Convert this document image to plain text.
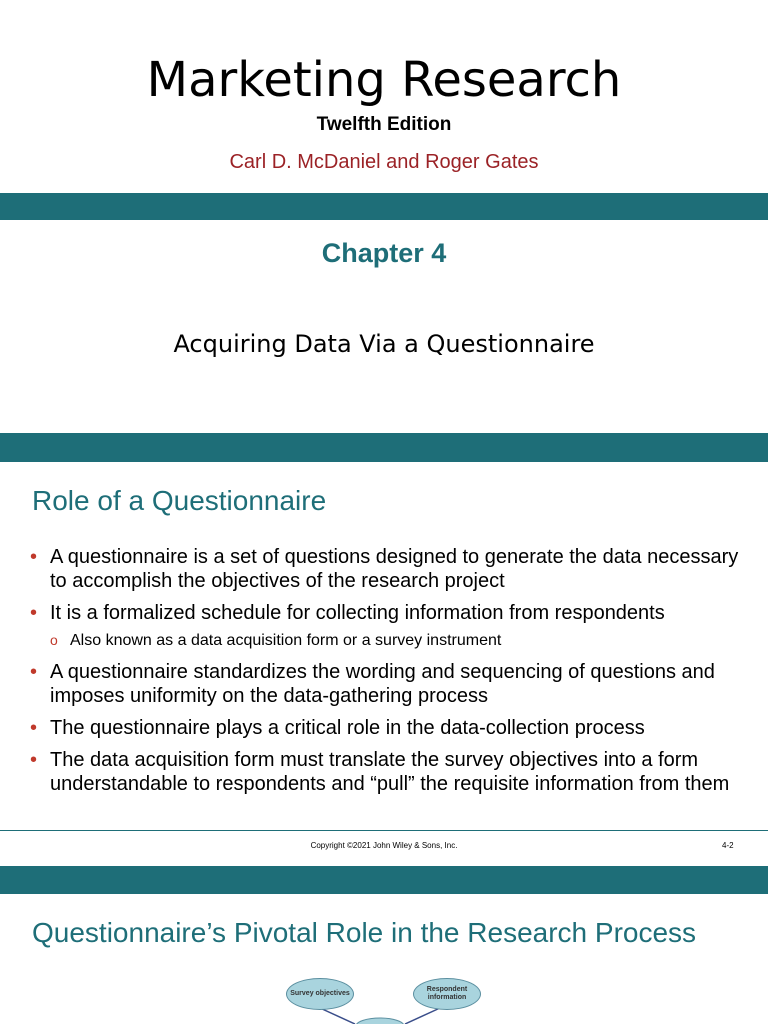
Marketing Research
Twelfth Edition
Carl D. McDaniel and Roger Gates
Chapter 4
Acquiring Data Via a Questionnaire
Role of a Questionnaire
• A questionnaire is a set of questions designed to generate the data necessary to accomplish the objectives of the research project
• It is a formalized schedule for collecting information from respondents
o Also known as a data acquisition form or a survey instrument
• A questionnaire standardizes the wording and sequencing of questions and imposes uniformity on the data-gathering process
• The questionnaire plays a critical role in the data-collection process
• The data acquisition form must translate the survey objectives into a form understandable to respondents and “pull” the requisite information from them
Copyright ©2021 John Wiley & Sons, Inc.	4-2
Questionnaire’s Pivotal Role in the Research Process
Survey objectives
Respondent information
